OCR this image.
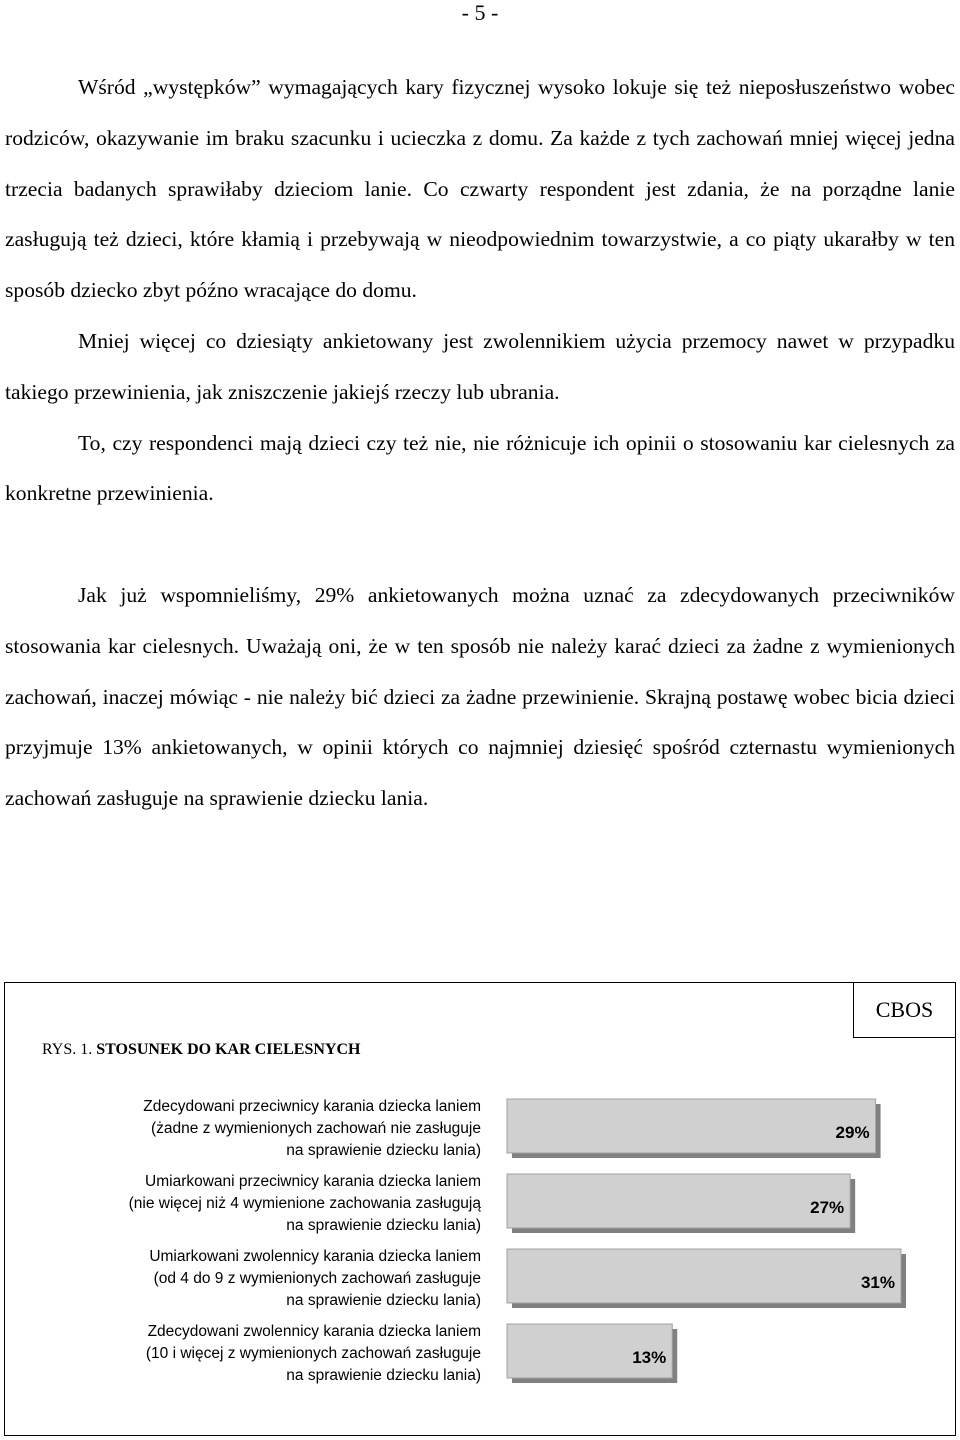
- 5 -

Wśród „występków” wymagających kary fizycznej wysoko lokuje się też nieposłuszeństwo wobec rodziców, okazywanie im braku szacunku i ucieczka z domu. Za każde z tych zachowań mniej więcej jedna trzecia badanych sprawiłaby dzieciom lanie. Co czwarty respondent jest zdania, że na porządne lanie zasługują też dzieci, które kłamią i przebywają w nieodpowiednim towarzystwie, a co piąty ukarałby w ten sposób dziecko zbyt późno wracające do domu.

Mniej więcej co dziesiąty ankietowany jest zwolennikiem użycia przemocy nawet w przypadku takiego przewinienia, jak zniszczenie jakiejś rzeczy lub ubrania.

To, czy respondenci mają dzieci czy też nie, nie różnicuje ich opinii o stosowaniu kar cielesnych za konkretne przewinienia.

Jak już wspomnieliśmy, 29% ankietowanych można uznać za zdecydowanych przeciwników stosowania kar cielesnych. Uważają oni, że w ten sposób nie należy karać dzieci za żadne z wymienionych zachowań, inaczej mówiąc - nie należy bić dzieci za żadne przewinienie. Skrajną postawę wobec bicia dzieci przyjmuje 13% ankietowanych, w opinii których co najmniej dziesięć spośród czternastu wymienionych zachowań zasługuje na sprawienie dziecku lania.

CBOS
RYS. 1. STOSUNEK DO KAR CIELESNYCH
29%
Zdecydowani przeciwnicy karania dziecka laniem
(żadne z wymienionych zachowań nie zasługuje
na sprawienie dziecku lania)
27%
Umiarkowani przeciwnicy karania dziecka laniem
(nie więcej niż 4 wymienione zachowania zasługują
na sprawienie dziecku lania)
31%
Umiarkowani zwolennicy karania dziecka laniem
(od 4 do 9 z wymienionych zachowań zasługuje
na sprawienie dziecku lania)
13%
Zdecydowani zwolennicy karania dziecka laniem
(10 i więcej z wymienionych zachowań zasługuje
na sprawienie dziecku lania)
